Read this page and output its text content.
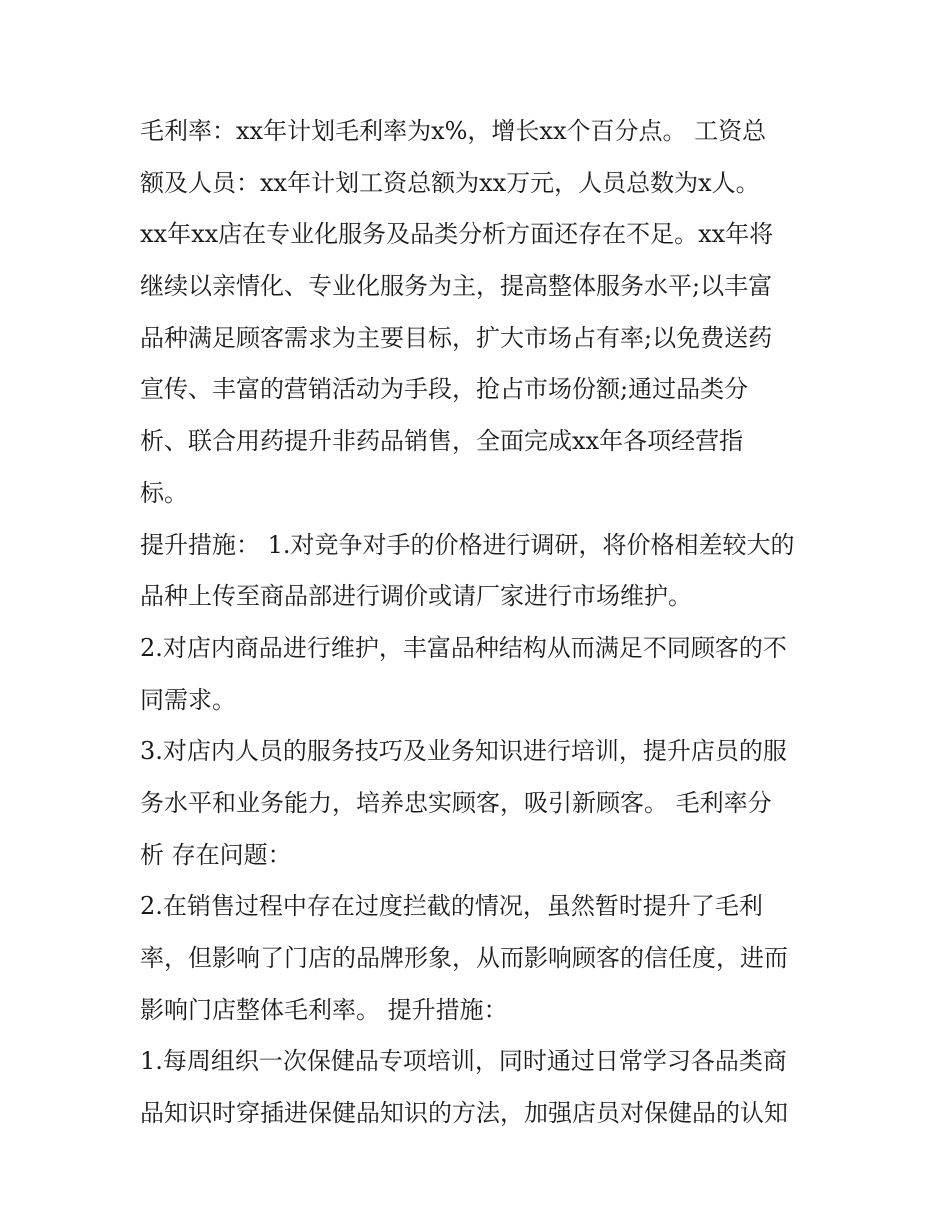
毛利率：xx年计划毛利率为x%，增长xx个百分点。 工资总
额及人员：xx年计划工资总额为xx万元，人员总数为x人。
xx年xx店在专业化服务及品类分析方面还存在不足。xx年将
继续以亲情化、专业化服务为主，提高整体服务水平;以丰富
品种满足顾客需求为主要目标，扩大市场占有率;以免费送药
宣传、丰富的营销活动为手段，抢占市场份额;通过品类分
析、联合用药提升非药品销售，全面完成xx年各项经营指
标。
提升措施： 1.对竞争对手的价格进行调研，将价格相差较大的
品种上传至商品部进行调价或请厂家进行市场维护。
2.对店内商品进行维护，丰富品种结构从而满足不同顾客的不
同需求。
3.对店内人员的服务技巧及业务知识进行培训，提升店员的服
务水平和业务能力，培养忠实顾客，吸引新顾客。 毛利率分
析 存在问题：
2.在销售过程中存在过度拦截的情况，虽然暂时提升了毛利
率，但影响了门店的品牌形象，从而影响顾客的信任度，进而
影响门店整体毛利率。 提升措施：
1.每周组织一次保健品专项培训，同时通过日常学习各品类商
品知识时穿插进保健品知识的方法，加强店员对保健品的认知
